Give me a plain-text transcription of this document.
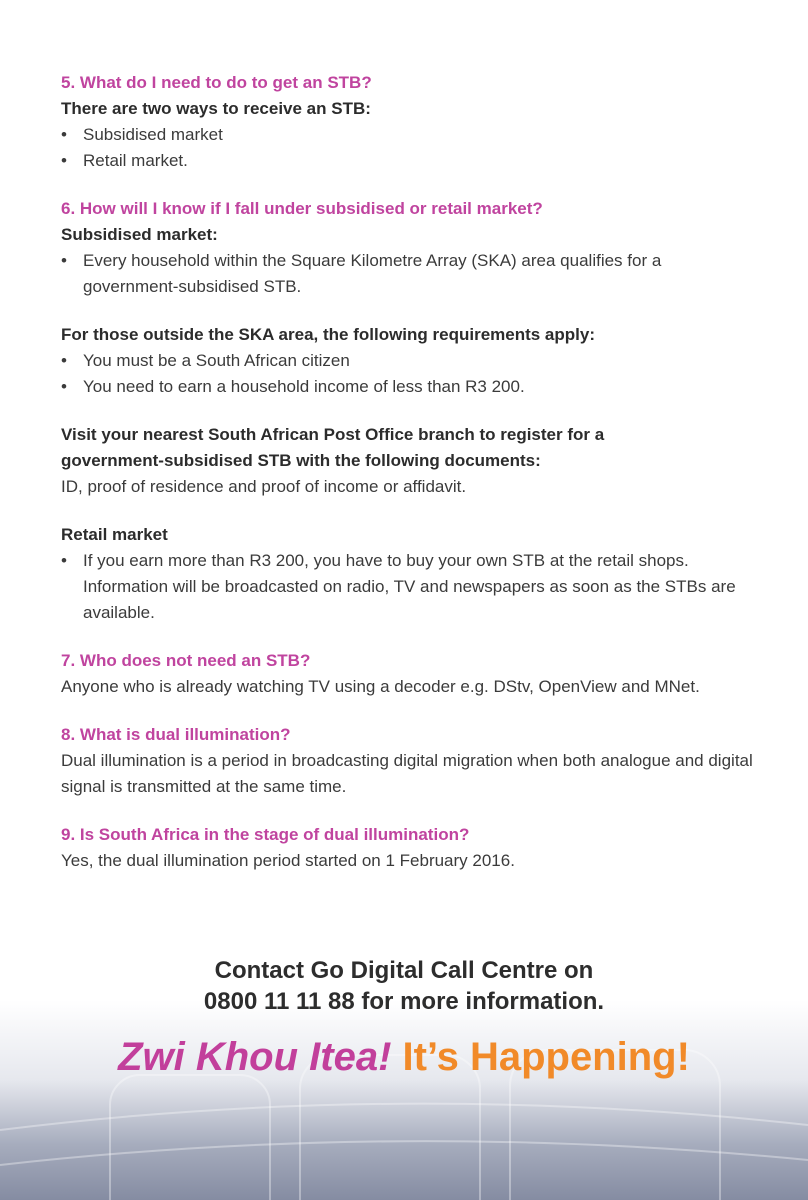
5. What do I need to do to get an STB?

There are two ways to receive an STB:

• Subsidised market
• Retail market.

6. How will I know if I fall under subsidised or retail market?

Subsidised market:

• Every household within the Square Kilometre Array (SKA) area qualifies for a government-subsidised STB.

For those outside the SKA area, the following requirements apply:

• You must be a South African citizen
• You need to earn a household income of less than R3 200.

Visit your nearest South African Post Office branch to register for a

government-subsidised STB with the following documents:

ID, proof of residence and proof of income or affidavit.

Retail market

• If you earn more than R3 200, you have to buy your own STB at the retail shops. Information will be broadcasted on radio, TV and newspapers as soon as the STBs are available.

7. Who does not need an STB?

Anyone who is already watching TV using a decoder e.g. DStv, OpenView and MNet.

8. What is dual illumination?

Dual illumination is a period in broadcasting digital migration when both analogue and digital signal is transmitted at the same time.

9. Is South Africa in the stage of dual illumination?

Yes, the dual illumination period started on 1 February 2016.

Contact Go Digital Call Centre on
0800 11 11 88 for more information.
Zwi Khou Itea! It’s Happening!
